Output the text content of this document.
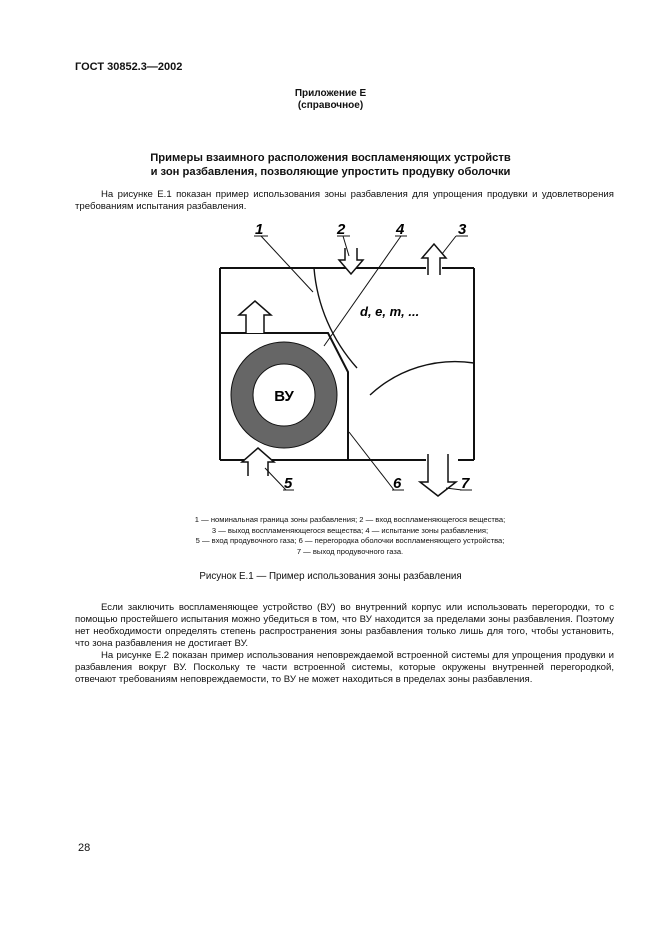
ГОСТ 30852.3—2002
Приложение Е
(справочное)
Примеры взаимного расположения воспламеняющих устройств
и зон разбавления, позволяющие упростить продувку оболочки
На рисунке Е.1 показан пример использования зоны разбавления для упрощения продувки и удовлетворения требованиям испытания разбавления.
ВУ
d, e, m, ...
1	2	4	3
5	6	7
1 — номинальная граница зоны разбавления; 2 — вход воспламеняющегося вещества;
3 — выход воспламеняющегося вещества; 4 — испытание зоны разбавления;
5 — вход продувочного газа; 6 — перегородка оболочки воспламеняющего устройства;
7 — выход продувочного газа.
Рисунок Е.1 — Пример использования зоны разбавления
Если заключить воспламеняющее устройство (ВУ) во внутренний корпус или использовать перегородки, то с помощью простейшего испытания можно убедиться в том, что ВУ находится за пределами зоны разбавления. Поэтому нет необходимости определять степень распространения зоны разбавления только лишь для того, чтобы установить, что зона разбавления не достигает ВУ.
На рисунке Е.2 показан пример использования неповреждаемой встроенной системы для упрощения продувки и разбавления вокруг ВУ. Поскольку те части встроенной системы, которые окружены внутренней перегородкой, отвечают требованиям неповреждаемости, то ВУ не может находиться в пределах зоны разбавления.
28
